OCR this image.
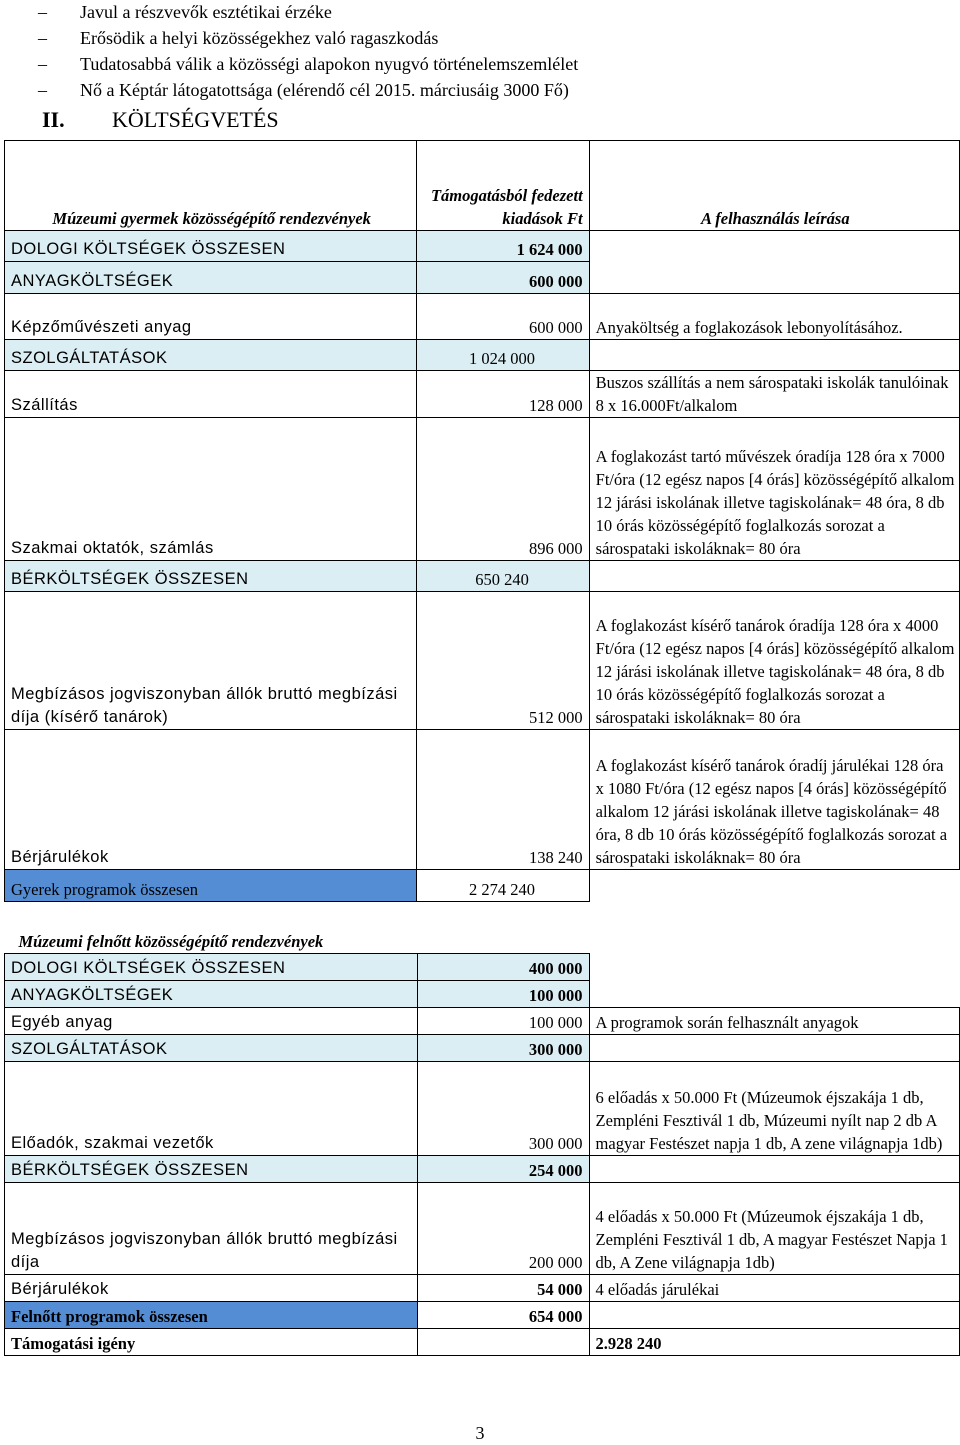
– Javul a részvevők esztétikai érzéke
– Erősödik a helyi közösségekhez való ragaszkodás
– Tudatosabbá válik a közösségi alapokon nyugvó történelemszemlélet
– Nő a Képtár látogatottsága (elérendő cél 2015. márciusáig 3000 Fő)
II. KÖLTSÉGVETÉS
Múzeumi gyermek közösségépítő rendezvények	Támogatásból fedezett kiadások Ft	A felhasználás leírása
DOLOGI KÖLTSÉGEK ÖSSZESEN	1 624 000	
ANYAGKÖLTSÉGEK	600 000	
Képzőművészeti anyag	600 000	Anyaköltség a foglakozások lebonyolításához.
SZOLGÁLTATÁSOK	1 024 000	
Szállítás	128 000	Buszos szállítás a nem sárospataki iskolák tanulóinak 8 x 16.000Ft/alkalom
Szakmai oktatók, számlás	896 000	A foglakozást tartó művészek óradíja 128 óra x 7000 Ft/óra (12 egész napos [4 órás] közösségépítő alkalom 12 járási iskolának illetve tagiskolának= 48 óra, 8 db 10 órás közösségépítő foglalkozás sorozat a sárospataki iskoláknak= 80 óra
BÉRKÖLTSÉGEK ÖSSZESEN	650 240	
Megbízásos jogviszonyban állók bruttó megbízási díja (kísérő tanárok)	512 000	A foglakozást kísérő tanárok óradíja 128 óra x 4000 Ft/óra (12 egész napos [4 órás] közösségépítő alkalom 12 járási iskolának illetve tagiskolának= 48 óra, 8 db 10 órás közösségépítő foglalkozás sorozat a sárospataki iskoláknak= 80 óra
Bérjárulékok	138 240	A foglakozást kísérő tanárok óradíj járulékai 128 óra x 1080 Ft/óra (12 egész napos [4 órás] közösségépítő alkalom 12 járási iskolának illetve tagiskolának= 48 óra, 8 db 10 órás közösségépítő foglalkozás sorozat a sárospataki iskoláknak= 80 óra
Gyerek programok összesen	2 274 240	
Múzeumi felnőtt közösségépítő rendezvények		
DOLOGI KÖLTSÉGEK ÖSSZESEN	400 000	
ANYAGKÖLTSÉGEK	100 000	
Egyéb anyag	100 000	A programok során felhasznált anyagok
SZOLGÁLTATÁSOK	300 000	
Előadók, szakmai vezetők	300 000	6 előadás x 50.000 Ft (Múzeumok éjszakája 1 db, Zempléni Fesztivál 1 db, Múzeumi nyílt nap 2 db A magyar Festészet napja 1 db, A zene világnapja 1db)
BÉRKÖLTSÉGEK ÖSSZESEN	254 000	
Megbízásos jogviszonyban állók bruttó megbízási díja	200 000	4 előadás x 50.000 Ft (Múzeumok éjszakája 1 db, Zempléni Fesztivál 1 db, A magyar Festészet Napja 1 db, A Zene világnapja 1db)
Bérjárulékok	54 000	4 előadás járulékai
Felnőtt programok összesen	654 000	
Támogatási igény		2.928 240
3
